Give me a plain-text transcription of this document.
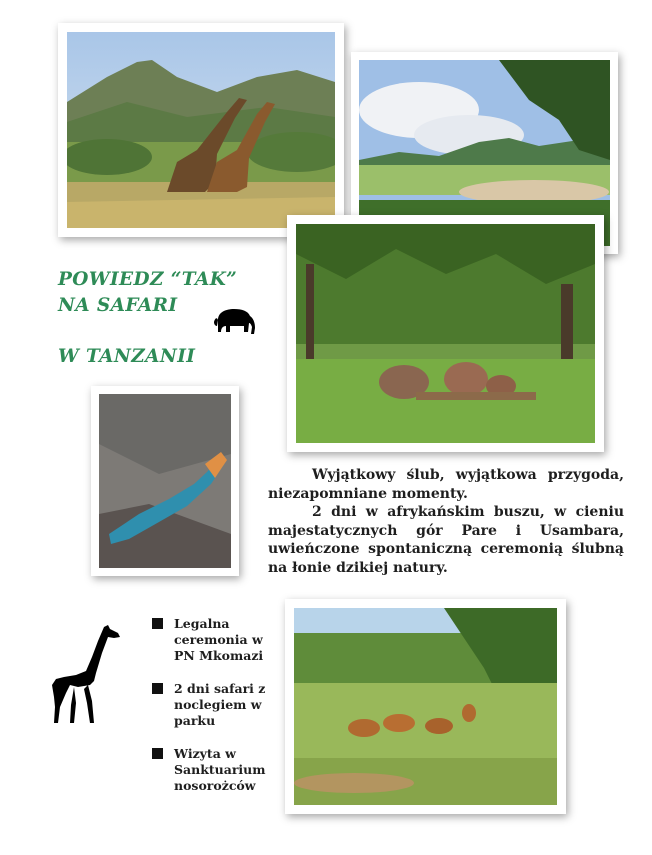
POWIEDZ “TAK”
NA SAFARI
W TANZANII

Wyjątkowy ślub, wyjątkowa przygoda, niezapomniane momenty.

2 dni w afrykańskim buszu, w cieniu majestatycznych gór Pare i Usambara, uwieńczone spontaniczną ceremonią ślubną na łonie dzikiej natury.

Legalna ceremonia w PN Mkomazi
2 dni safari z noclegiem w parku
Wizyta w Sanktuarium nosorożców
